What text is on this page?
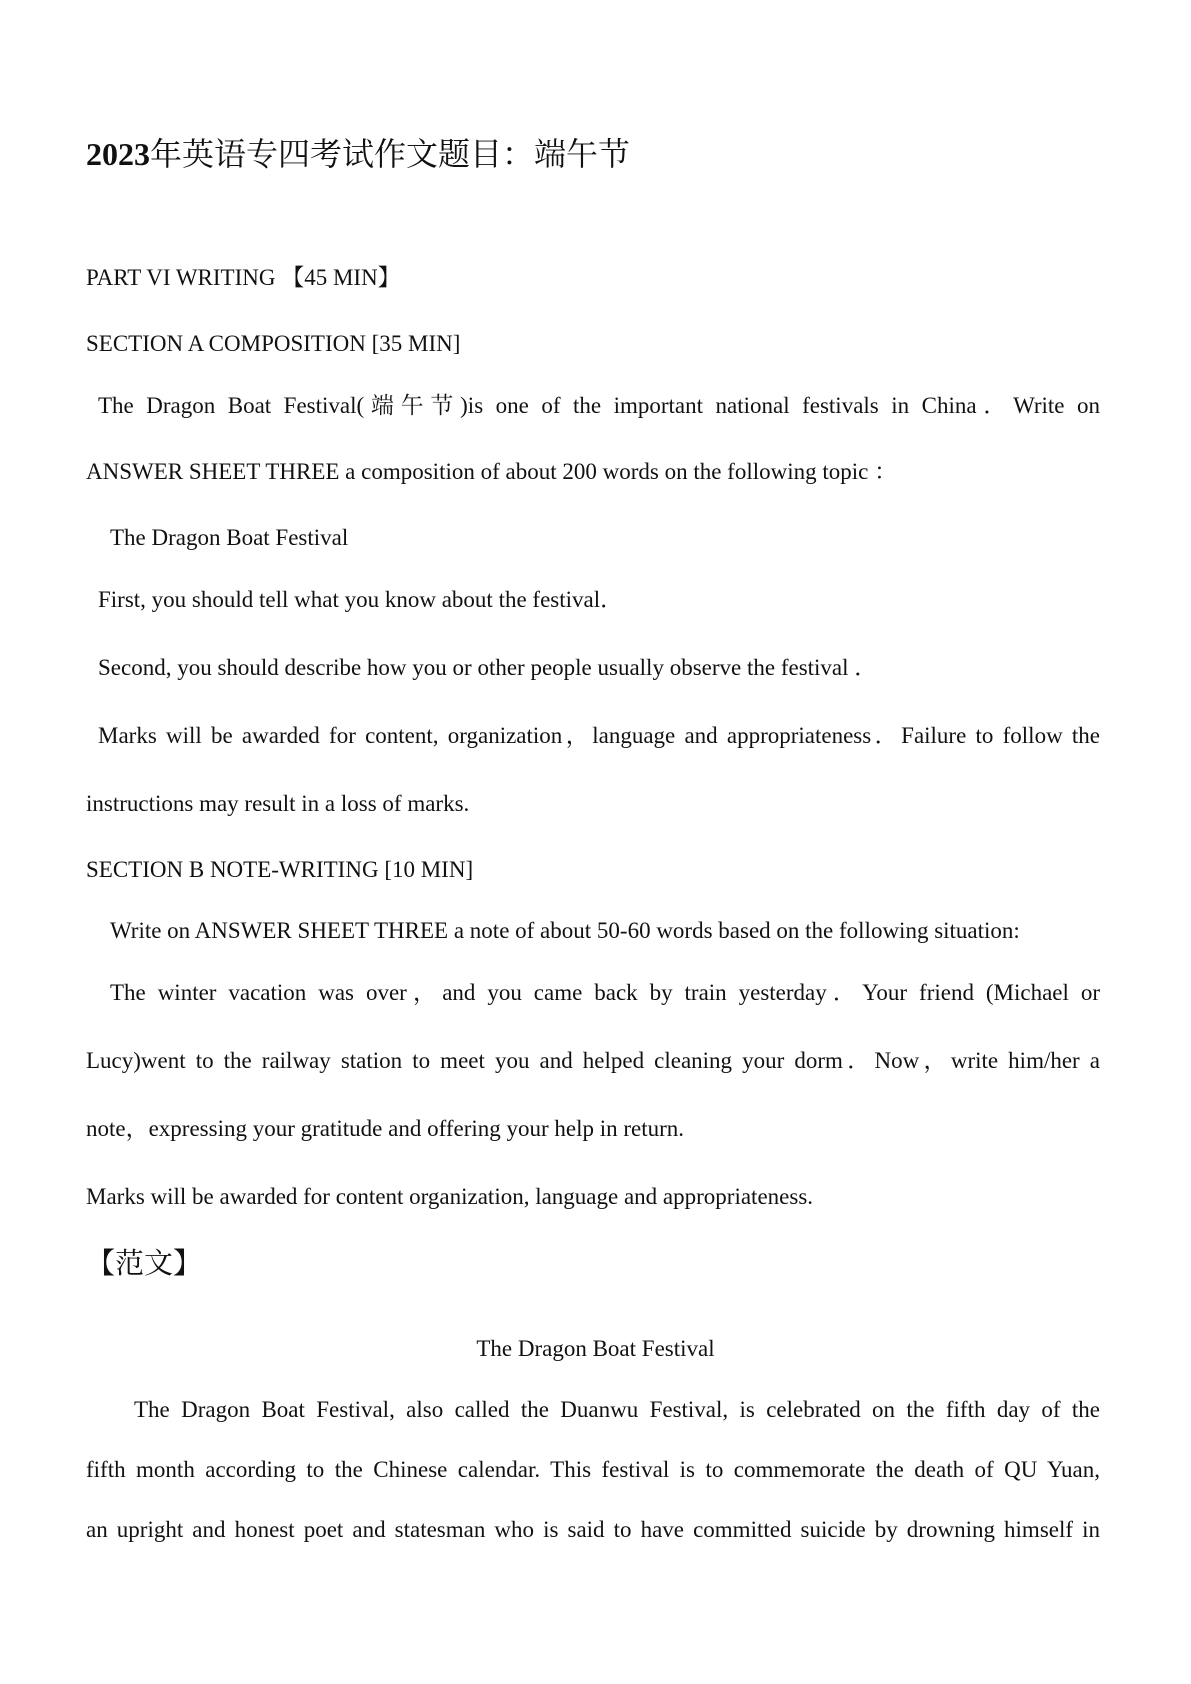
2023年英语专四考试作文题目：端午节
PART VI WRITING 【45 MIN】
SECTION A COMPOSITION [35 MIN]
The Dragon Boat Festival(端午节)is one of the important national festivals in China．Write on
ANSWER SHEET THREE a composition of about 200 words on the following topic ：
The Dragon Boat Festival
First, you should tell what you know about the festival．
Second, you should describe how you or other people usually observe the festival ．
Marks will be awarded for content, organization，language and appropriateness．Failure to follow the
instructions may result in a loss of marks.
SECTION B NOTE-WRITING [10 MIN]
Write on ANSWER SHEET THREE a note of about 50-60 words based on the following situation:
The winter vacation was over，and you came back by train yesterday．Your friend (Michael or
Lucy)went to the railway station to meet you and helped cleaning your dorm．Now，write him/her a
note，expressing your gratitude and offering your help in return.
Marks will be awarded for content organization, language and appropriateness.
【范文】
The Dragon Boat Festival
The Dragon Boat Festival, also called the Duanwu Festival, is celebrated on the fifth day of the
fifth month according to the Chinese calendar. This festival is to commemorate the death of QU Yuan,
an upright and honest poet and statesman who is said to have committed suicide by drowning himself in
